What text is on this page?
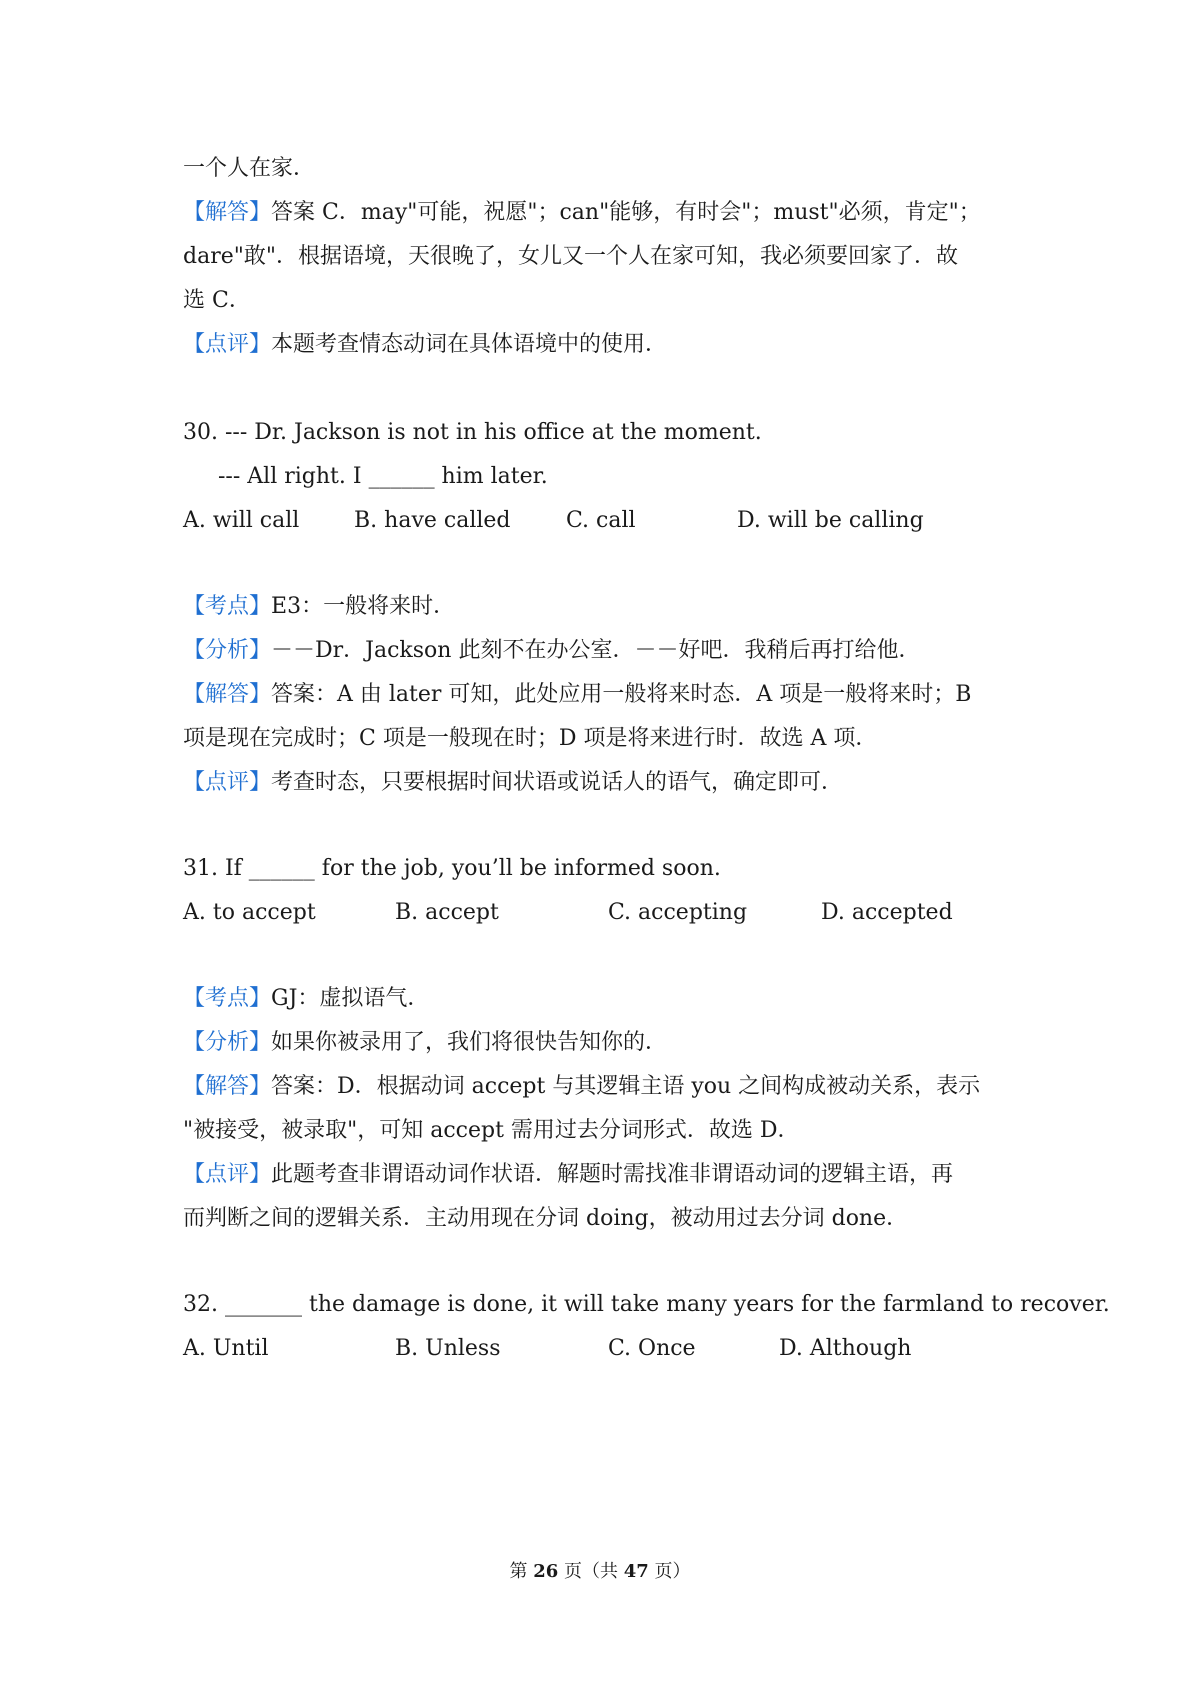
一个人在家．
【解答】答案 C．may"可能，祝愿"；can"能够，有时会"；must"必须，肯定"；
dare"敢"．根据语境，天很晚了，女儿又一个人在家可知，我必须要回家了．故
选 C．
【点评】本题考查情态动词在具体语境中的使用．
30. --- Dr. Jackson is not in his office at the moment.
--- All right. I ______ him later.
A. will call B. have called	C. call	D. will be calling
【考点】E3：一般将来时．
【分析】－－Dr．Jackson 此刻不在办公室．－－好吧．我稍后再打给他．
【解答】答案：A 由 later 可知，此处应用一般将来时态．A 项是一般将来时；B
项是现在完成时；C 项是一般现在时；D 项是将来进行时．故选 A 项．
【点评】考查时态，只要根据时间状语或说话人的语气，确定即可．
31. If ______ for the job, you’ll be informed soon.
A. to accept	B. accept	C. accepting	D. accepted
【考点】GJ：虚拟语气．
【分析】如果你被录用了，我们将很快告知你的．
【解答】答案：D．根据动词 accept 与其逻辑主语 you 之间构成被动关系，表示
"被接受，被录取"，可知 accept 需用过去分词形式．故选 D．
【点评】此题考查非谓语动词作状语．解题时需找准非谓语动词的逻辑主语，再
而判断之间的逻辑关系．主动用现在分词 doing，被动用过去分词 done．
32. _______ the damage is done, it will take many years for the farmland to recover.
A. Until	B. Unless	C. Once	D. Although
第 26 页（共 47 页）
